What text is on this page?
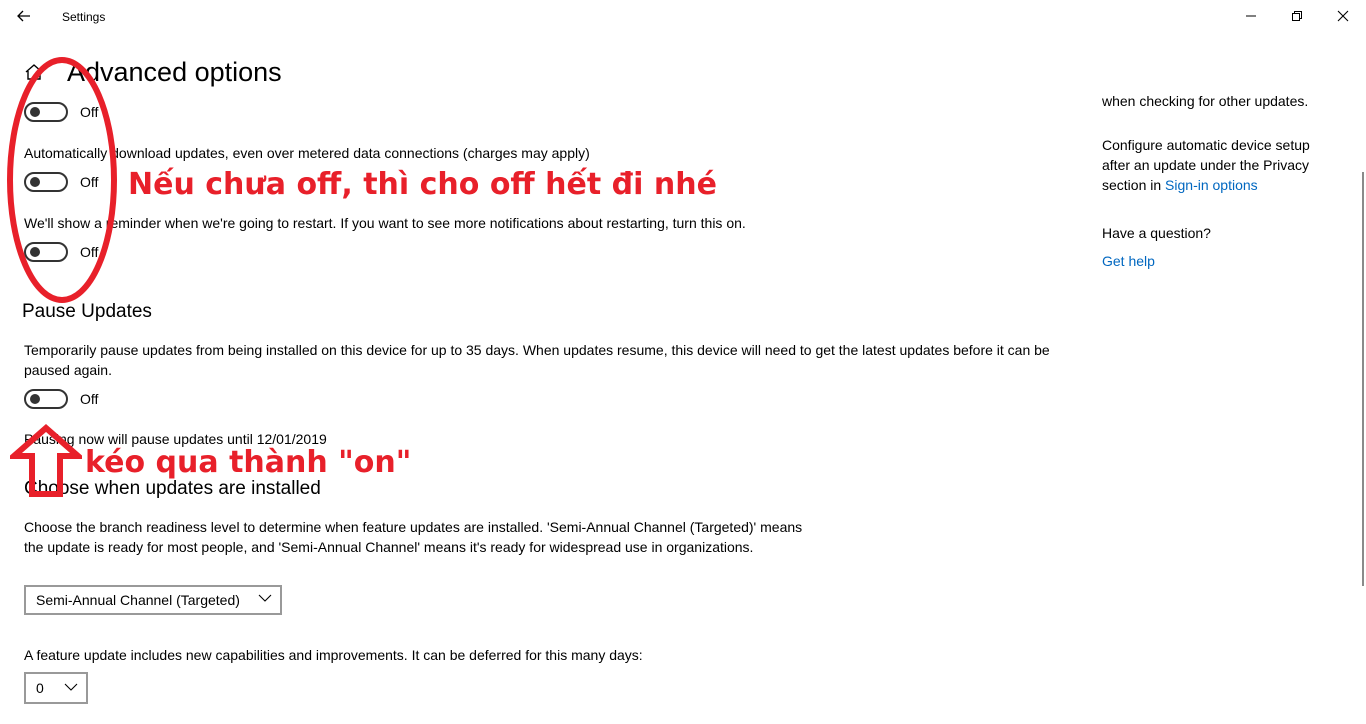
Settings
Advanced options
Off
Automatically download updates, even over metered data connections (charges may apply)
Off
We'll show a reminder when we're going to restart. If you want to see more notifications about restarting, turn this on.
Off
Pause Updates
Temporarily pause updates from being installed on this device for up to 35 days. When updates resume, this device will need to get the latest updates before it can be paused again.
Off
Pausing now will pause updates until 12/01/2019
Choose when updates are installed
Choose the branch readiness level to determine when feature updates are installed. 'Semi-Annual Channel (Targeted)' means the update is ready for most people, and 'Semi-Annual Channel' means it's ready for widespread use in organizations.
Semi-Annual Channel (Targeted)
A feature update includes new capabilities and improvements. It can be deferred for this many days:
0
when checking for other updates.
Configure automatic device setup after an update under the Privacy section in Sign-in options
Have a question?
Get help
Nếu chưa off, thì cho off hết đi nhé
kéo qua thành "on"
